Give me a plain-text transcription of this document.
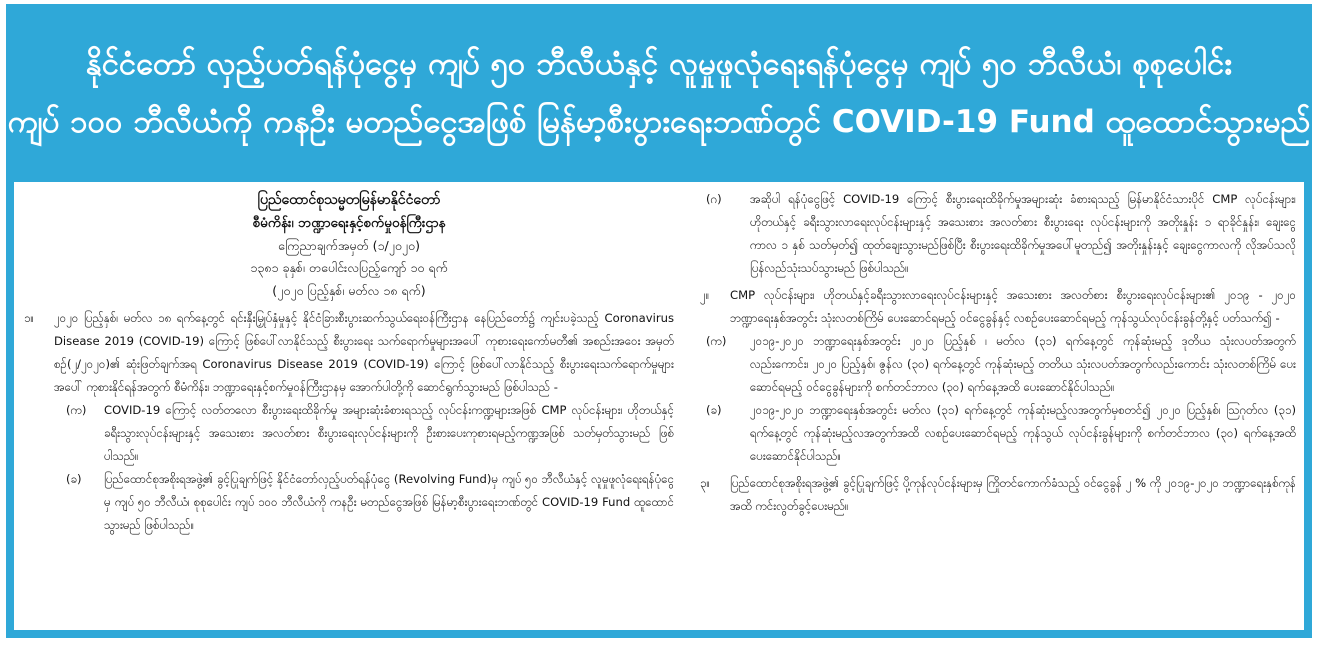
နိုင်ငံတော် လှည့်ပတ်ရန်ပုံငွေမှ ကျပ် ၅၀ ဘီလီယံနှင့် လူမှုဖူလုံရေးရန်ပုံငွေမှ ကျပ် ၅၀ ဘီလီယံ၊ စုစုပေါင်း
ကျပ် ၁၀၀ ဘီလီယံကို ကနဦး မတည်ငွေအဖြစ် မြန်မာ့စီးပွားရေးဘဏ်တွင် COVID-19 Fund ထူထောင်သွားမည်
ပြည်ထောင်စုသမ္မတမြန်မာနိုင်ငံတော်
စီမံကိန်း၊ ဘဏ္ဍာရေးနှင့်စက်မှုဝန်ကြီးဌာန
ကြေညာချက်အမှတ် (၁/၂၀၂၀)
၁၃၈၁ ခုနှစ်၊ တပေါင်းလပြည့်ကျော် ၁၀ ရက်
(၂၀၂၀ ပြည့်နှစ်၊ မတ်လ ၁၈ ရက်)
၁။	၂၀၂၀ ပြည့်နှစ်၊ မတ်လ ၁၈ ရက်နေ့တွင် ရင်းနှီးမြှုပ်နှံမှုနှင့် နိုင်ငံခြားစီးပွားဆက်သွယ်ရေးဝန်ကြီးဌာန နေပြည်တော်၌ ကျင်းပခဲ့သည့် Coronavirus Disease 2019 (COVID-19) ကြောင့် ဖြစ်ပေါ်လာနိုင်သည့် စီးပွားရေး သက်ရောက်မှုများအပေါ် ကုစားရေးကော်မတီ၏ အစည်းအဝေး အမှတ်စဉ်(၂/၂၀၂၀)၏ ဆုံးဖြတ်ချက်အရ Coronavirus Disease 2019 (COVID-19) ကြောင့် ဖြစ်ပေါ်လာနိုင်သည့် စီးပွားရေးသက်ရောက်မှုများအပေါ် ကုစားနိုင်ရန်အတွက် စီမံကိန်း၊ ဘဏ္ဍာရေးနှင့်စက်မှုဝန်ကြီးဌာနမှ အောက်ပါတို့ကို ဆောင်ရွက်သွားမည် ဖြစ်ပါသည် -
(က)	COVID-19 ကြောင့် လတ်တလော စီးပွားရေးထိခိုက်မှု အများဆုံးခံစားရသည့် လုပ်ငန်းကဏ္ဍများအဖြစ် CMP လုပ်ငန်းများ၊ ဟိုတယ်နှင့် ခရီးသွားလုပ်ငန်းများနှင့် အသေးစား အလတ်စား စီးပွားရေးလုပ်ငန်းများကို ဦးစားပေးကုစားရမည့်ကဏ္ဍအဖြစ် သတ်မှတ်သွားမည် ဖြစ်ပါသည်။
(ခ)	ပြည်ထောင်စုအစိုးရအဖွဲ့၏ ခွင့်ပြုချက်ဖြင့် နိုင်ငံတော်လှည့်ပတ်ရန်ပုံငွေ (Revolving Fund)မှ ကျပ် ၅၀ ဘီလီယံနှင့် လူမှုဖူလုံရေးရန်ပုံငွေမှ ကျပ် ၅၀ ဘီလီယံ၊ စုစုပေါင်း ကျပ် ၁၀၀ ဘီလီယံကို ကနဦး မတည်ငွေအဖြစ် မြန်မာ့စီးပွားရေးဘဏ်တွင် COVID-19 Fund ထူထောင်သွားမည် ဖြစ်ပါသည်။
(ဂ)	အဆိုပါ ရန်ပုံငွေဖြင့် COVID-19 ကြောင့် စီးပွားရေးထိခိုက်မှုအများဆုံး ခံစားရသည့် မြန်မာနိုင်ငံသားပိုင် CMP လုပ်ငန်းများ၊ ဟိုတယ်နှင့် ခရီးသွားလာရေးလုပ်ငန်းများနှင့် အသေးစား အလတ်စား စီးပွားရေး လုပ်ငန်းများကို အတိုးနှုန်း ၁ ရာခိုင်နှုန်း၊ ချေးငွေ ကာလ ၁ နှစ် သတ်မှတ်၍ ထုတ်ချေးသွားမည်ဖြစ်ပြီး စီးပွားရေးထိခိုက်မှုအပေါ်မူတည်၍ အတိုးနှုန်းနှင့် ချေးငွေကာလကို လိုအပ်သလိုပြန်လည်သုံးသပ်သွားမည် ဖြစ်ပါသည်။
၂။	CMP လုပ်ငန်းများ၊ ဟိုတယ်နှင့်ခရီးသွားလာရေးလုပ်ငန်းများနှင့် အသေးစား အလတ်စား စီးပွားရေးလုပ်ငန်းများ၏ ၂၀၁၉ - ၂၀၂၀ ဘဏ္ဍာရေးနှစ်အတွင်း သုံးလတစ်ကြိမ် ပေးဆောင်ရမည့် ဝင်ငွေခွန်နှင့် လစဉ်ပေးဆောင်ရမည့် ကုန်သွယ်လုပ်ငန်းခွန်တို့နှင့် ပတ်သက်၍ -
(က)	၂၀၁၉-၂၀၂၀ ဘဏ္ဍာရေးနှစ်အတွင်း ၂၀၂၀ ပြည့်နှစ် ၊ မတ်လ (၃၁) ရက်နေ့တွင် ကုန်ဆုံးမည့် ဒုတိယ သုံးလပတ်အတွက် လည်းကောင်း၊ ၂၀၂၀ ပြည့်နှစ်၊ ဇွန်လ (၃၀) ရက်နေ့တွင် ကုန်ဆုံးမည့် တတိယ သုံးလပတ်အတွက်လည်းကောင်း သုံးလတစ်ကြိမ် ပေးဆောင်ရမည့် ဝင်ငွေခွန်များကို စက်တင်ဘာလ (၃၀) ရက်နေ့အထိ ပေးဆောင်နိုင်ပါသည်။
(ခ)	၂၀၁၉-၂၀၂၀ ဘဏ္ဍာရေးနှစ်အတွင်း မတ်လ (၃၁) ရက်နေ့တွင် ကုန်ဆုံးမည့်လအတွက်မှစတင်၍ ၂၀၂၀ ပြည့်နှစ်၊ ဩဂုတ်လ (၃၁) ရက်နေ့တွင် ကုန်ဆုံးမည့်လအတွက်အထိ လစဉ်ပေးဆောင်ရမည့် ကုန်သွယ် လုပ်ငန်းခွန်များကို စက်တင်ဘာလ (၃၀) ရက်နေ့အထိ ပေးဆောင်နိုင်ပါသည်။
၃။	ပြည်ထောင်စုအစိုးရအဖွဲ့၏ ခွင့်ပြုချက်ဖြင့် ပို့ကုန်လုပ်ငန်းများမှ ကြိုတင်ကောက်ခံသည့် ဝင်ငွေခွန် ၂ % ကို ၂၀၁၉-၂၀၂၀ ဘဏ္ဍာရေးနှစ်ကုန်အထိ ကင်းလွတ်ခွင့်ပေးမည်။
